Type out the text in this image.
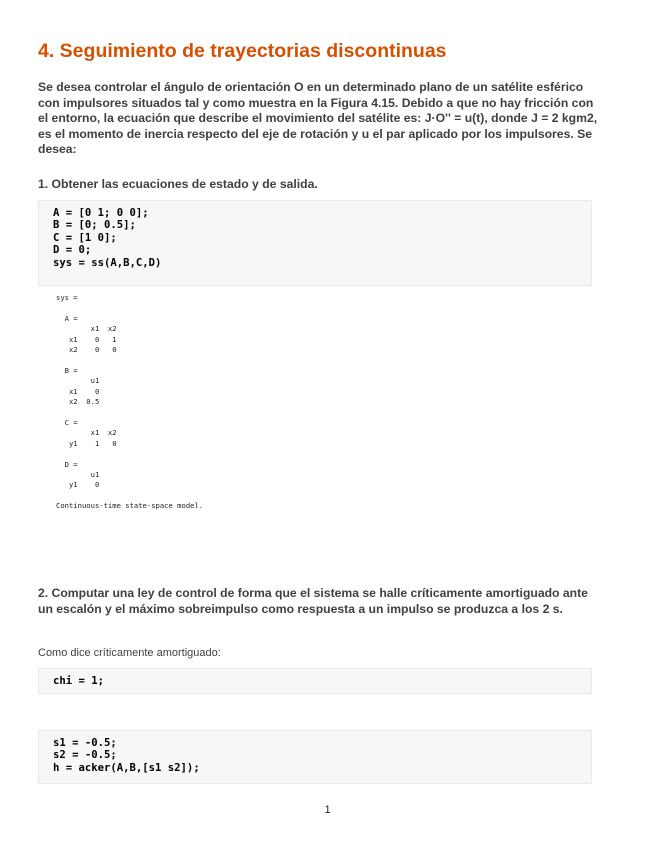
4. Seguimiento de trayectorias discontinuas

Se desea controlar el ángulo de orientación O en un determinado plano de un satélite esférico con impulsores situados tal y como muestra en la Figura 4.15. Debido a que no hay fricción con el entorno, la ecuación que describe el movimiento del satélite es: J·O'' = u(t), donde J = 2 kgm2, es el momento de inercia respecto del eje de rotación y u el par aplicado por los impulsores. Se desea:

1. Obtener las ecuaciones de estado y de salida.

A = [0 1; 0 0];
B = [0; 0.5];
C = [1 0];
D = 0;
sys = ss(A,B,C,D)
sys =

A =
x1  x2
x1    0   1
x2    0   0

B =
u1
x1    0
x2  0.5

C =
x1  x2
y1    1   0

D =
u1
y1    0

Continuous-time state-space model.

2. Computar una ley de control de forma que el sistema se halle críticamente amortiguado ante un escalón y el máximo sobreimpulso como respuesta a un impulso se produzca a los 2 s.

Como dice críticamente amortiguado:

chi = 1;
s1 = -0.5;
s2 = -0.5;
h = acker(A,B,[s1 s2]);
1
